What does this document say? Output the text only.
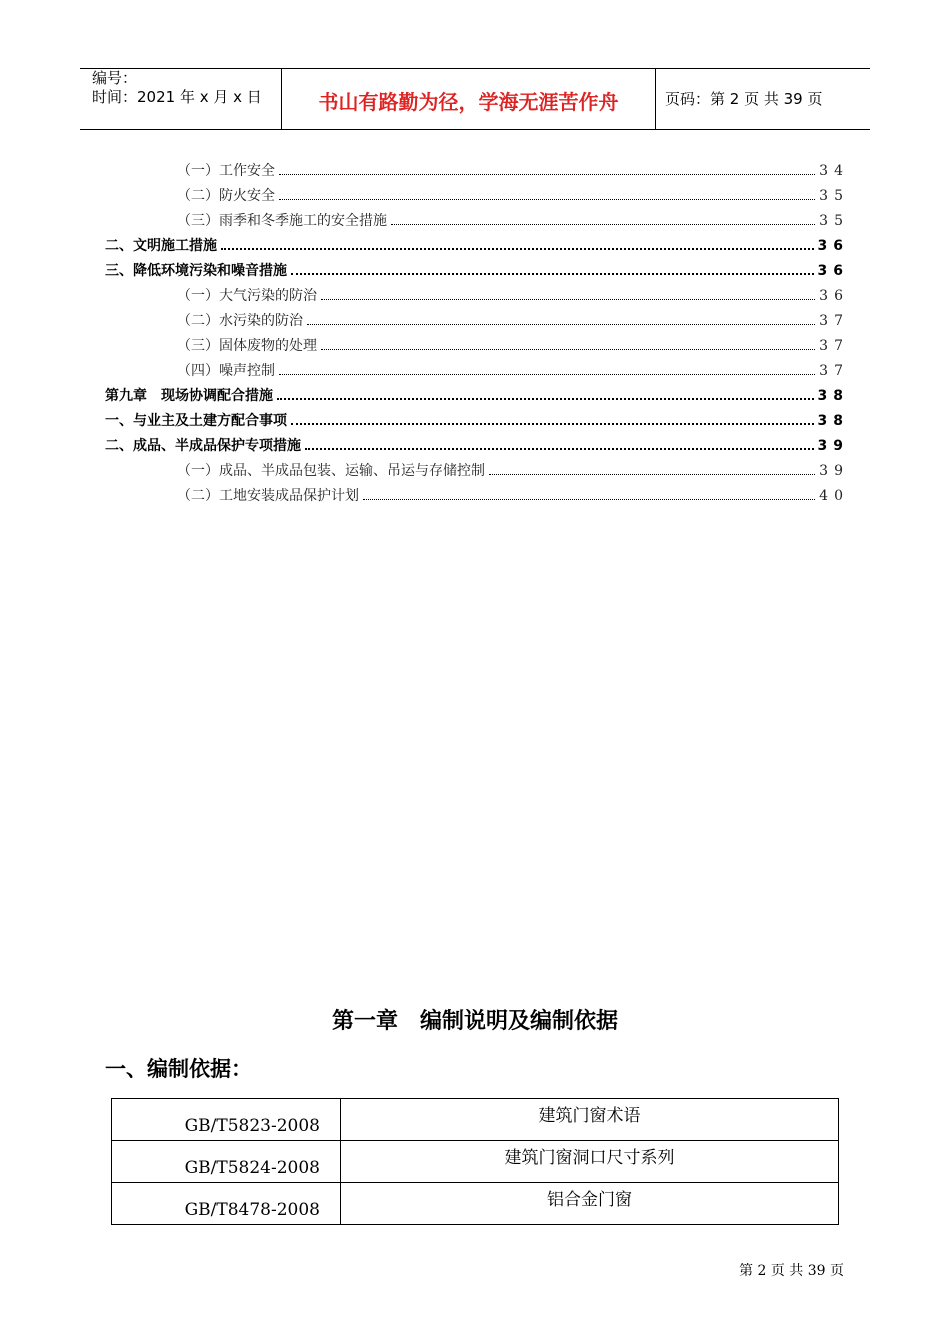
编号：
时间：2021 年 x 月 x 日	书山有路勤为径，学海无涯苦作舟	页码：第 2 页 共 39 页
（一）工作安全	34
（二）防火安全	35
（三）雨季和冬季施工的安全措施	35
二、文明施工措施	36
三、降低环境污染和噪音措施	36
（一）大气污染的防治	36
（二）水污染的防治	37
（三）固体废物的处理	37
（四）噪声控制	37
第九章　现场协调配合措施	38
一、与业主及土建方配合事项	38
二、成品、半成品保护专项措施	39
（一）成品、半成品包装、运输、吊运与存储控制	39
（二）工地安装成品保护计划	40
第一章　编制说明及编制依据
一、编制依据：
GB/T5823-2008	建筑门窗术语
GB/T5824-2008	建筑门窗洞口尺寸系列
GB/T8478-2008	铝合金门窗
第 2 页 共 39 页
